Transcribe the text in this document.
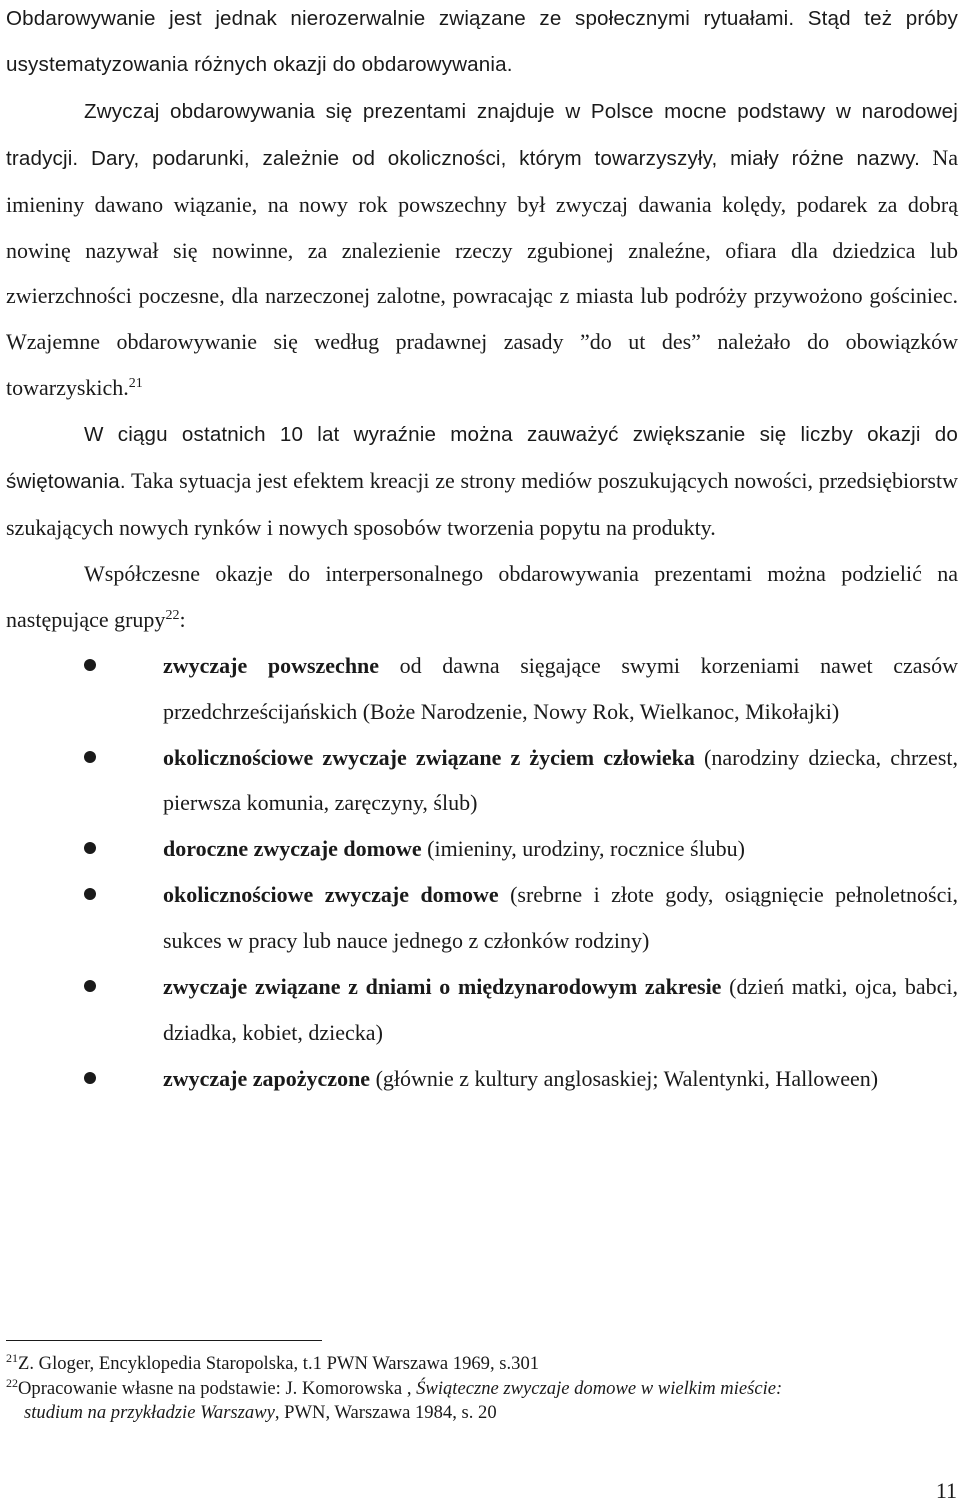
Obdarowywanie jest jednak nierozerwalnie związane ze społecznymi rytuałami. Stąd też próby usystematyzowania różnych okazji do obdarowywania.

Zwyczaj obdarowywania się prezentami znajduje w Polsce mocne podstawy w narodowej tradycji. Dary, podarunki, zależnie od okoliczności, którym towarzyszyły, miały różne nazwy. Na imieniny dawano wiązanie, na nowy rok powszechny był zwyczaj dawania kolędy, podarek za dobrą nowinę nazywał się nowinne, za znalezienie rzeczy zgubionej znaleźne, ofiara dla dziedzica lub zwierzchności poczesne, dla narzeczonej zalotne, powracając z miasta lub podróży przywożono gościniec. Wzajemne obdarowywanie się według pradawnej zasady ”do ut des” należało do obowiązków towarzyskich.$^{21}$

W ciągu ostatnich 10 lat wyraźnie można zauważyć zwiększanie się liczby okazji do świętowania. Taka sytuacja jest efektem kreacji ze strony mediów poszukujących nowości, przedsiębiorstw szukających nowych rynków i nowych sposobów tworzenia popytu na produkty.

Współczesne okazje do interpersonalnego obdarowywania prezentami można podzielić na następujące grupy$^{22}$:

zwyczaje powszechne od dawna sięgające swymi korzeniami nawet czasów przedchrześcijańskich (Boże Narodzenie, Nowy Rok, Wielkanoc, Mikołajki)
okolicznościowe zwyczaje związane z życiem człowieka (narodziny dziecka, chrzest, pierwsza komunia, zaręczyny, ślub)
doroczne zwyczaje domowe (imieniny, urodziny, rocznice ślubu)
okolicznościowe zwyczaje domowe (srebrne i złote gody, osiągnięcie pełnoletności, sukces w pracy lub nauce jednego z członków rodziny)
zwyczaje związane z dniami o międzynarodowym zakresie (dzień matki, ojca, babci, dziadka, kobiet, dziecka)
zwyczaje zapożyczone (głównie z kultury anglosaskiej; Walentynki, Halloween)

$^{21}$Z. Gloger, Encyklopedia Staropolska, t.1 PWN Warszawa 1969, s.301

$^{22}$Opracowanie własne na podstawie: J. Komorowska , Świąteczne zwyczaje domowe w wielkim mieście:

studium na przykładzie Warszawy, PWN, Warszawa 1984, s. 20

11
